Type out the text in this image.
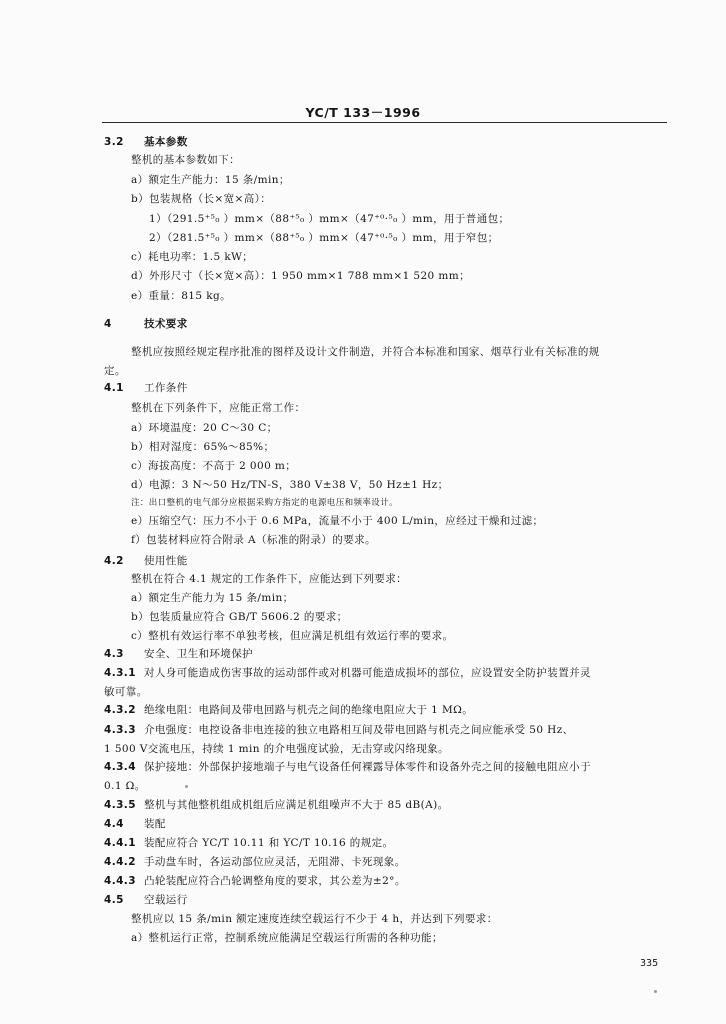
YC/T 133－1996
3.2 基本参数
整机的基本参数如下：
a）额定生产能力：15 条/min；
b）包装规格（长×宽×高）：
1）（291.5⁺⁵₀ ）mm×（88⁺⁵₀ ）mm×（47⁺⁰·⁵₀ ）mm，用于普通包；
2）（281.5⁺⁵₀ ）mm×（88⁺⁵₀ ）mm×（47⁺⁰·⁵₀ ）mm，用于窄包；
c）耗电功率：1.5 kW；
d）外形尺寸（长×宽×高）：1 950 mm×1 788 mm×1 520 mm；
e）重量：815 kg。
4	技术要求
整机应按照经规定程序批准的图样及设计文件制造，并符合本标准和国家、烟草行业有关标准的规
定。
4.1 工作条件
整机在下列条件下，应能正常工作：
a）环境温度：20 C～30 C；
b）相对湿度：65%～85%；
c）海拔高度：不高于 2 000 m；
d）电源：3 N～50 Hz/TN-S，380 V±38 V，50 Hz±1 Hz；
注：出口整机的电气部分应根据采购方指定的电源电压和频率设计。
e）压缩空气：压力不小于 0.6 MPa，流量不小于 400 L/min，应经过干燥和过滤；
f）包装材料应符合附录 A（标准的附录）的要求。
4.2 使用性能
整机在符合 4.1 规定的工作条件下，应能达到下列要求：
a）额定生产能力为 15 条/min；
b）包装质量应符合 GB/T 5606.2 的要求；
c）整机有效运行率不单独考核，但应满足机组有效运行率的要求。
4.3 安全、卫生和环境保护
4.3.1 对人身可能造成伤害事故的运动部件或对机器可能造成损坏的部位，应设置安全防护装置并灵
敏可靠。
4.3.2 绝缘电阻：电路间及带电回路与机壳之间的绝缘电阻应大于 1 MΩ。
4.3.3 介电强度：电控设备非电连接的独立电路相互间及带电回路与机壳之间应能承受 50 Hz、
1 500 V交流电压，持续 1 min 的介电强度试验，无击穿或闪络现象。
4.3.4 保护接地：外部保护接地端子与电气设备任何裸露导体零件和设备外壳之间的接触电阻应小于
0.1 Ω。
4.3.5 整机与其他整机组成机组后应满足机组噪声不大于 85 dB(A)。
4.4 装配
4.4.1 装配应符合 YC/T 10.11 和 YC/T 10.16 的规定。
4.4.2 手动盘车时，各运动部位应灵活，无阻滞、卡死现象。
4.4.3 凸轮装配应符合凸轮调整角度的要求，其公差为±2°。
4.5 空载运行
整机应以 15 条/min 额定速度连续空载运行不少于 4 h，并达到下列要求：
a）整机运行正常，控制系统应能满足空载运行所需的各种功能；
335
